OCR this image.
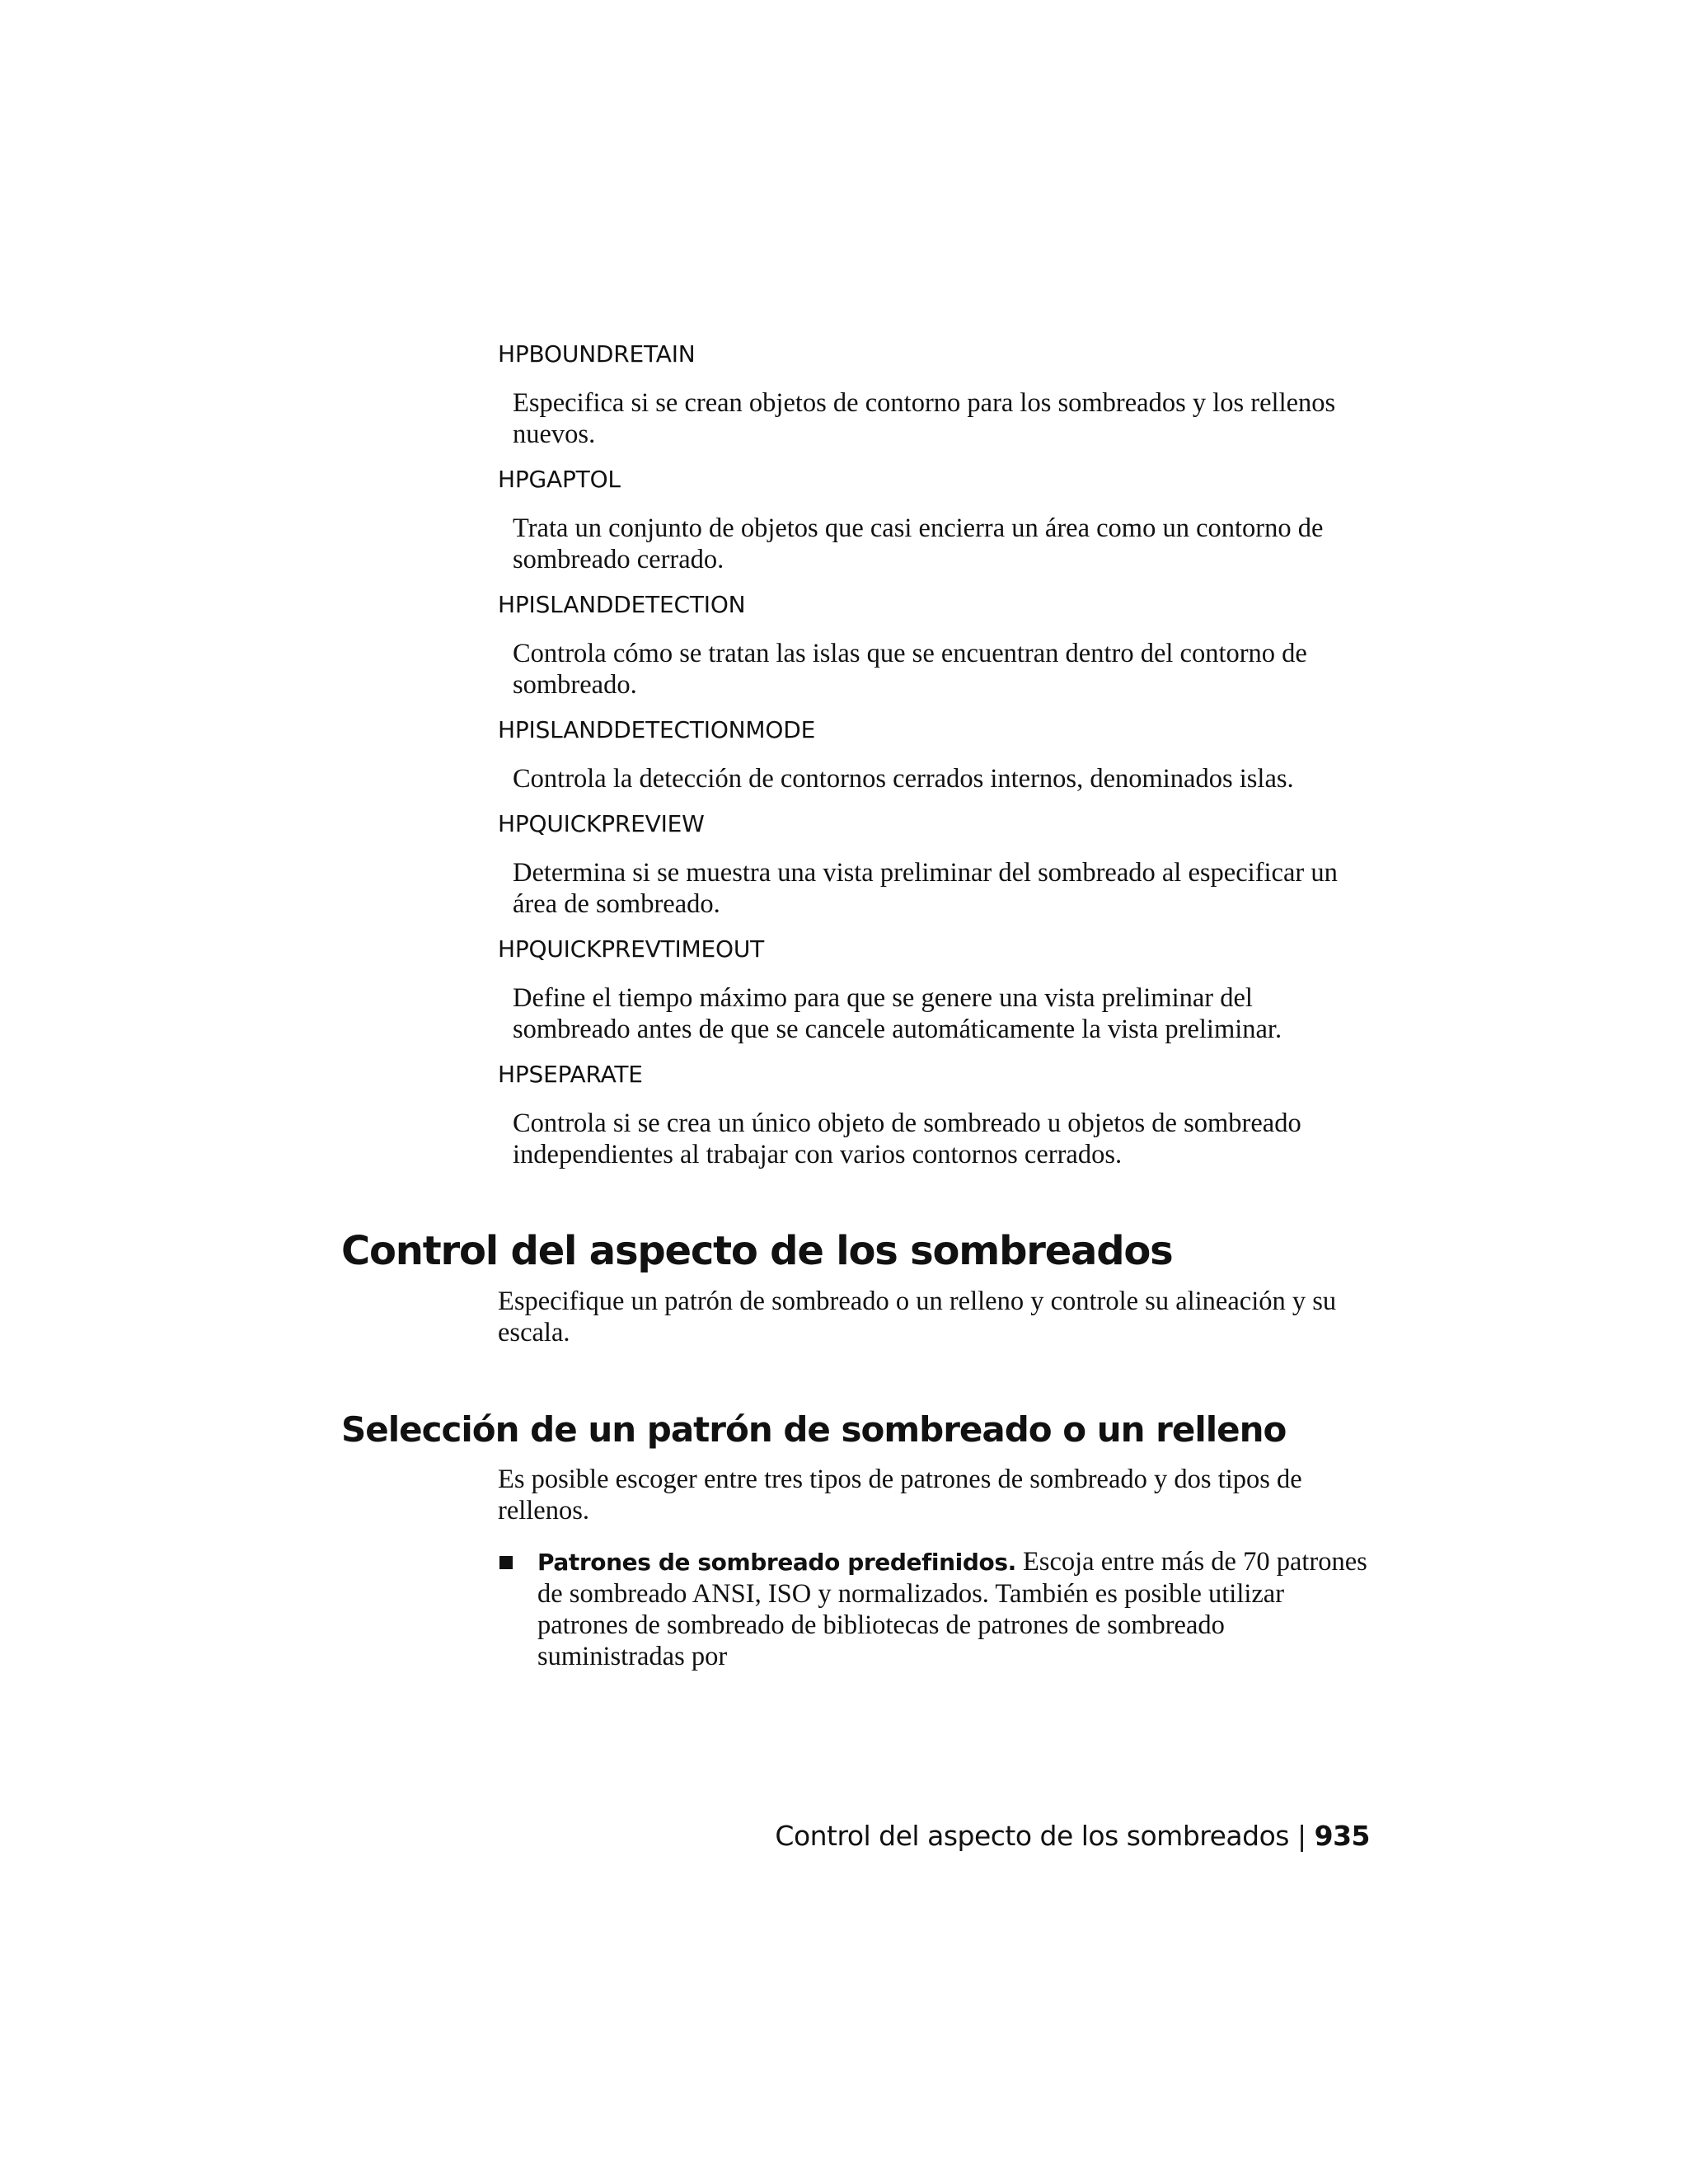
HPBOUNDRETAIN

Especifica si se crean objetos de contorno para los sombreados y los rellenos nuevos.

HPGAPTOL

Trata un conjunto de objetos que casi encierra un área como un contorno de sombreado cerrado.

HPISLANDDETECTION

Controla cómo se tratan las islas que se encuentran dentro del contorno de sombreado.

HPISLANDDETECTIONMODE

Controla la detección de contornos cerrados internos, denominados islas.

HPQUICKPREVIEW

Determina si se muestra una vista preliminar del sombreado al especificar un área de sombreado.

HPQUICKPREVTIMEOUT

Define el tiempo máximo para que se genere una vista preliminar del sombreado antes de que se cancele automáticamente la vista preliminar.

HPSEPARATE

Controla si se crea un único objeto de sombreado u objetos de sombreado independientes al trabajar con varios contornos cerrados.

Control del aspecto de los sombreados

Especifique un patrón de sombreado o un relleno y controle su alineación y su escala.

Selección de un patrón de sombreado o un relleno

Es posible escoger entre tres tipos de patrones de sombreado y dos tipos de rellenos.

Patrones de sombreado predefinidos. Escoja entre más de 70 patrones de sombreado ANSI, ISO y normalizados. También es posible utilizar patrones de sombreado de bibliotecas de patrones de sombreado suministradas por

Control del aspecto de los sombreados | 935
